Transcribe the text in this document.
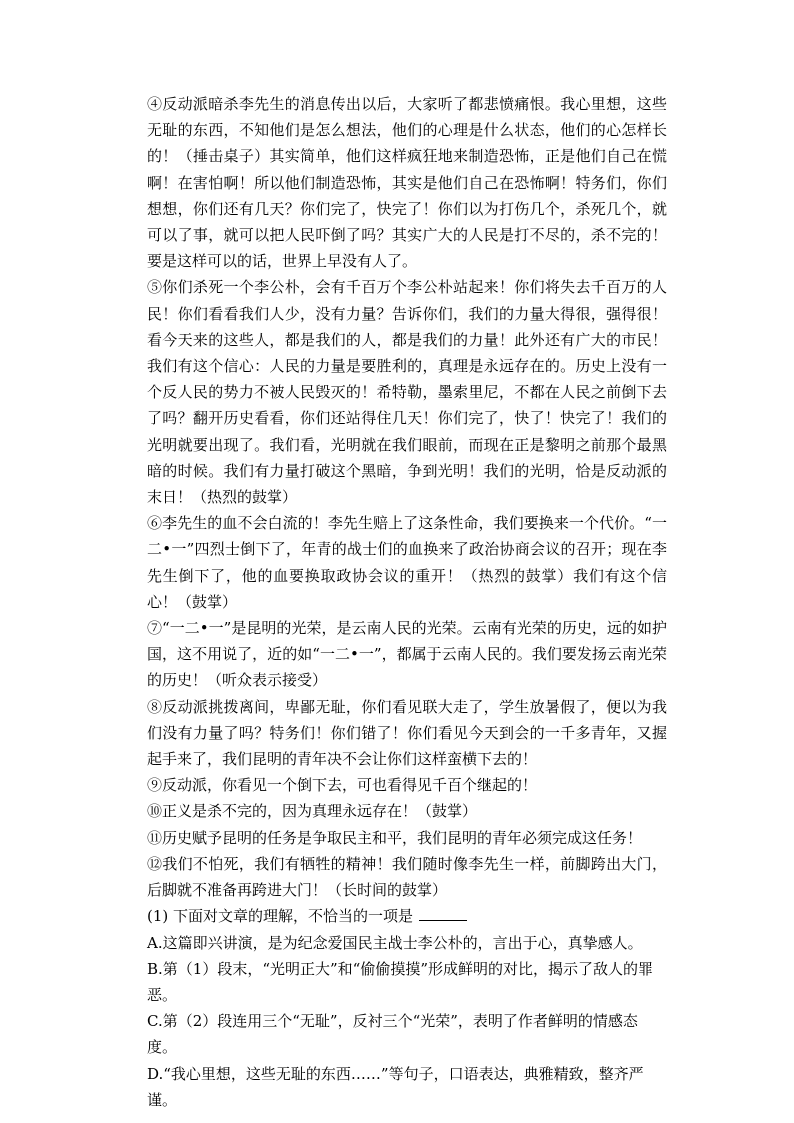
④反动派暗杀李先生的消息传出以后，大家听了都悲愤痛恨。我心里想，这些无耻的东西，不知他们是怎么想法，他们的心理是什么状态，他们的心怎样长的！（捶击桌子）其实简单，他们这样疯狂地来制造恐怖，正是他们自己在慌啊！在害怕啊！所以他们制造恐怖，其实是他们自己在恐怖啊！特务们，你们想想，你们还有几天？你们完了，快完了！你们以为打伤几个，杀死几个，就可以了事，就可以把人民吓倒了吗？其实广大的人民是打不尽的，杀不完的！要是这样可以的话，世界上早没有人了。

⑤你们杀死一个李公朴，会有千百万个李公朴站起来！你们将失去千百万的人民！你们看看我们人少，没有力量？告诉你们，我们的力量大得很，强得很！看今天来的这些人，都是我们的人，都是我们的力量！此外还有广大的市民！我们有这个信心：人民的力量是要胜利的，真理是永远存在的。历史上没有一个反人民的势力不被人民毁灭的！希特勒，墨索里尼，不都在人民之前倒下去了吗？翻开历史看看，你们还站得住几天！你们完了，快了！快完了！我们的光明就要出现了。我们看，光明就在我们眼前，而现在正是黎明之前那个最黑暗的时候。我们有力量打破这个黑暗，争到光明！我们的光明，恰是反动派的末日！（热烈的鼓掌）

⑥李先生的血不会白流的！李先生赔上了这条性命，我们要换来一个代价。“一二•一”四烈士倒下了，年青的战士们的血换来了政治协商会议的召开；现在李先生倒下了，他的血要换取政协会议的重开！（热烈的鼓掌）我们有这个信心！（鼓掌）

⑦“一二•一”是昆明的光荣，是云南人民的光荣。云南有光荣的历史，远的如护国，这不用说了，近的如“一二•一”，都属于云南人民的。我们要发扬云南光荣的历史！（听众表示接受）

⑧反动派挑拨离间，卑鄙无耻，你们看见联大走了，学生放暑假了，便以为我们没有力量了吗？特务们！你们错了！你们看见今天到会的一千多青年，又握起手来了，我们昆明的青年决不会让你们这样蛮横下去的！

⑨反动派，你看见一个倒下去，可也看得见千百个继起的！

⑩正义是杀不完的，因为真理永远存在！（鼓掌）

⑪历史赋予昆明的任务是争取民主和平，我们昆明的青年必须完成这任务！

⑫我们不怕死，我们有牺牲的精神！我们随时像李先生一样，前脚跨出大门，后脚就不准备再跨进大门！（长时间的鼓掌）

(1) 下面对文章的理解，不恰当的一项是

A.这篇即兴讲演，是为纪念爱国民主战士李公朴的，言出于心，真挚感人。

B.第（1）段末，“光明正大”和“偷偷摸摸”形成鲜明的对比，揭示了敌人的罪恶。

C.第（2）段连用三个“无耻”，反衬三个“光荣”，表明了作者鲜明的情感态度。

D.“我心里想，这些无耻的东西……”等句子，口语表达，典雅精致，整齐严谨。
